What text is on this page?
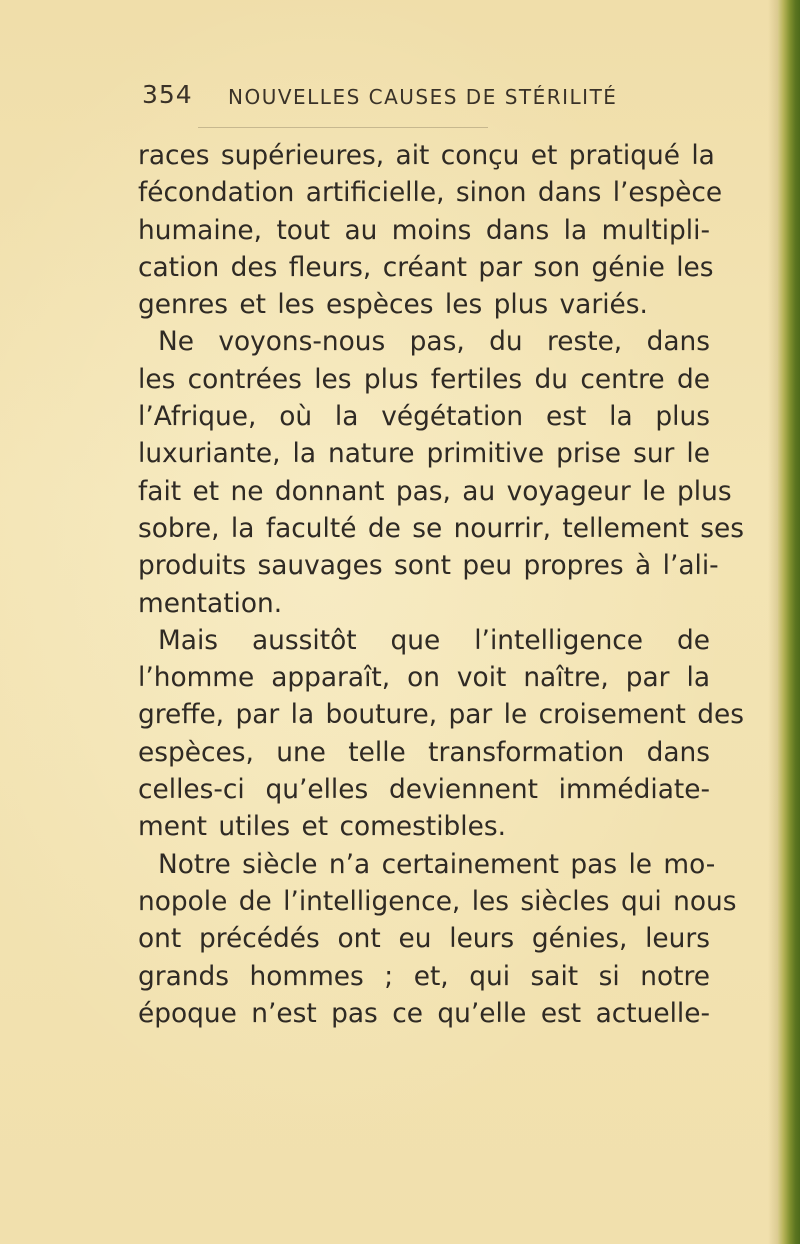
354 NOUVELLES CAUSES DE STÉRILITÉ
races supérieures, ait conçu et pratiqué la
fécondation artificielle, sinon dans l’espèce
humaine, tout au moins dans la multipli-
cation des fleurs, créant par son génie les
genres et les espèces les plus variés.
Ne voyons-nous pas, du reste, dans
les contrées les plus fertiles du centre de
l’Afrique, où la végétation est la plus
luxuriante, la nature primitive prise sur le
fait et ne donnant pas, au voyageur le plus
sobre, la faculté de se nourrir, tellement ses
produits sauvages sont peu propres à l’ali-
mentation.
Mais aussitôt que l’intelligence de
l’homme apparaît, on voit naître, par la
greffe, par la bouture, par le croisement des
espèces, une telle transformation dans
celles-ci qu’elles deviennent immédiate-
ment utiles et comestibles.
Notre siècle n’a certainement pas le mo-
nopole de l’intelligence, les siècles qui nous
ont précédés ont eu leurs génies, leurs
grands hommes ; et, qui sait si notre
époque n’est pas ce qu’elle est actuelle-
